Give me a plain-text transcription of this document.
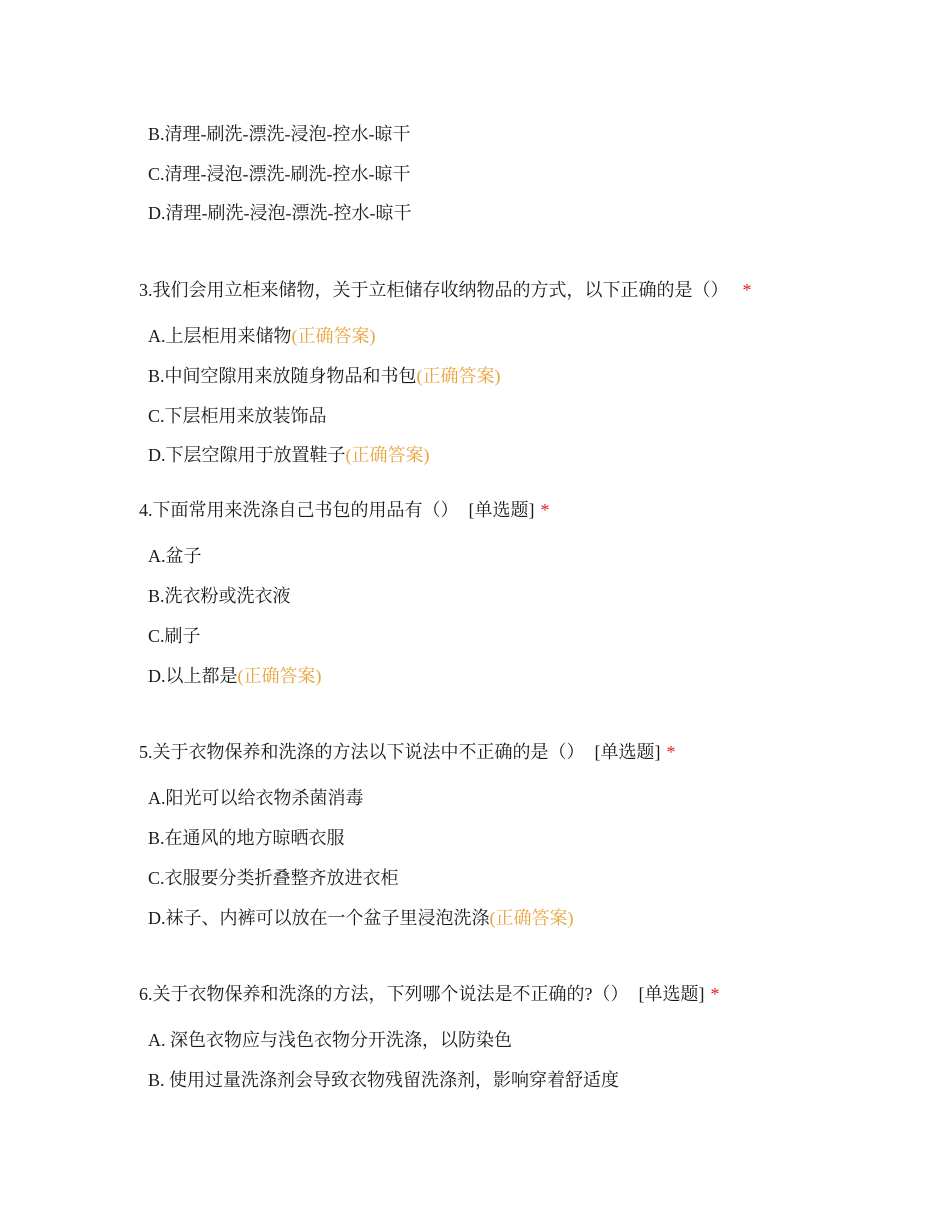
B.清理-刷洗-漂洗-浸泡-控水-晾干
C.清理-浸泡-漂洗-刷洗-控水-晾干
D.清理-刷洗-浸泡-漂洗-控水-晾干
3.我们会用立柜来储物，关于立柜储存收纳物品的方式，以下正确的是（） *
A.上层柜用来储物(正确答案)
B.中间空隙用来放随身物品和书包(正确答案)
C.下层柜用来放装饰品
D.下层空隙用于放置鞋子(正确答案)
4.下面常用来洗涤自己书包的用品有（） [单选题] *
A.盆子
B.洗衣粉或洗衣液
C.刷子
D.以上都是(正确答案)
5.关于衣物保养和洗涤的方法以下说法中不正确的是（） [单选题] *
A.阳光可以给衣物杀菌消毒
B.在通风的地方晾晒衣服
C.衣服要分类折叠整齐放进衣柜
D.袜子、内裤可以放在一个盆子里浸泡洗涤(正确答案)
6.关于衣物保养和洗涤的方法，下列哪个说法是不正确的?（） [单选题] *
A. 深色衣物应与浅色衣物分开洗涤，以防染色
B. 使用过量洗涤剂会导致衣物残留洗涤剂，影响穿着舒适度
